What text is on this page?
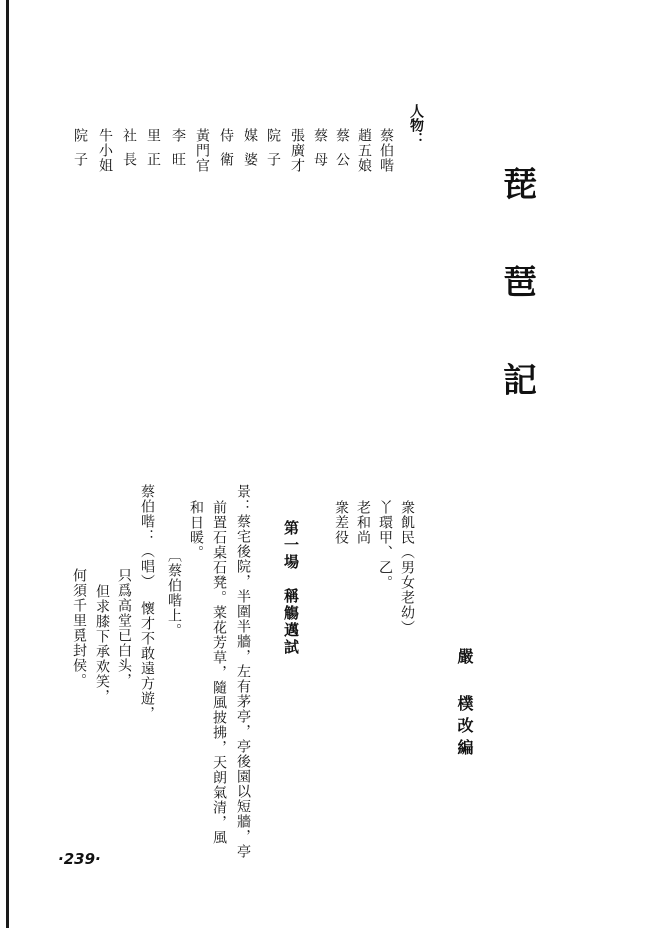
琵
琶
記
人物：
蔡伯喈
趙五娘
蔡公
蔡母
張廣才
院子
媒婆
侍衛
黃門官
李旺
里正
社長
牛小姐
院子
嚴 樸改編
衆飢民（男女老幼）
丫環甲、乙。
老和尚
衆差役
第一場　稱觴邁試
景：蔡宅後院，半圍半牆，左有茅亭，亭後園以短牆，亭
前置石桌石凳。菜花芳草，隨風披拂，天朗氣清，風
和日暖。
〔蔡伯喈上。
蔡伯喈：（唱）
懷才不敢遠方遊，
只爲高堂已白头，
但求膝下承欢笑，
何須千里覓封侯。
·239·
